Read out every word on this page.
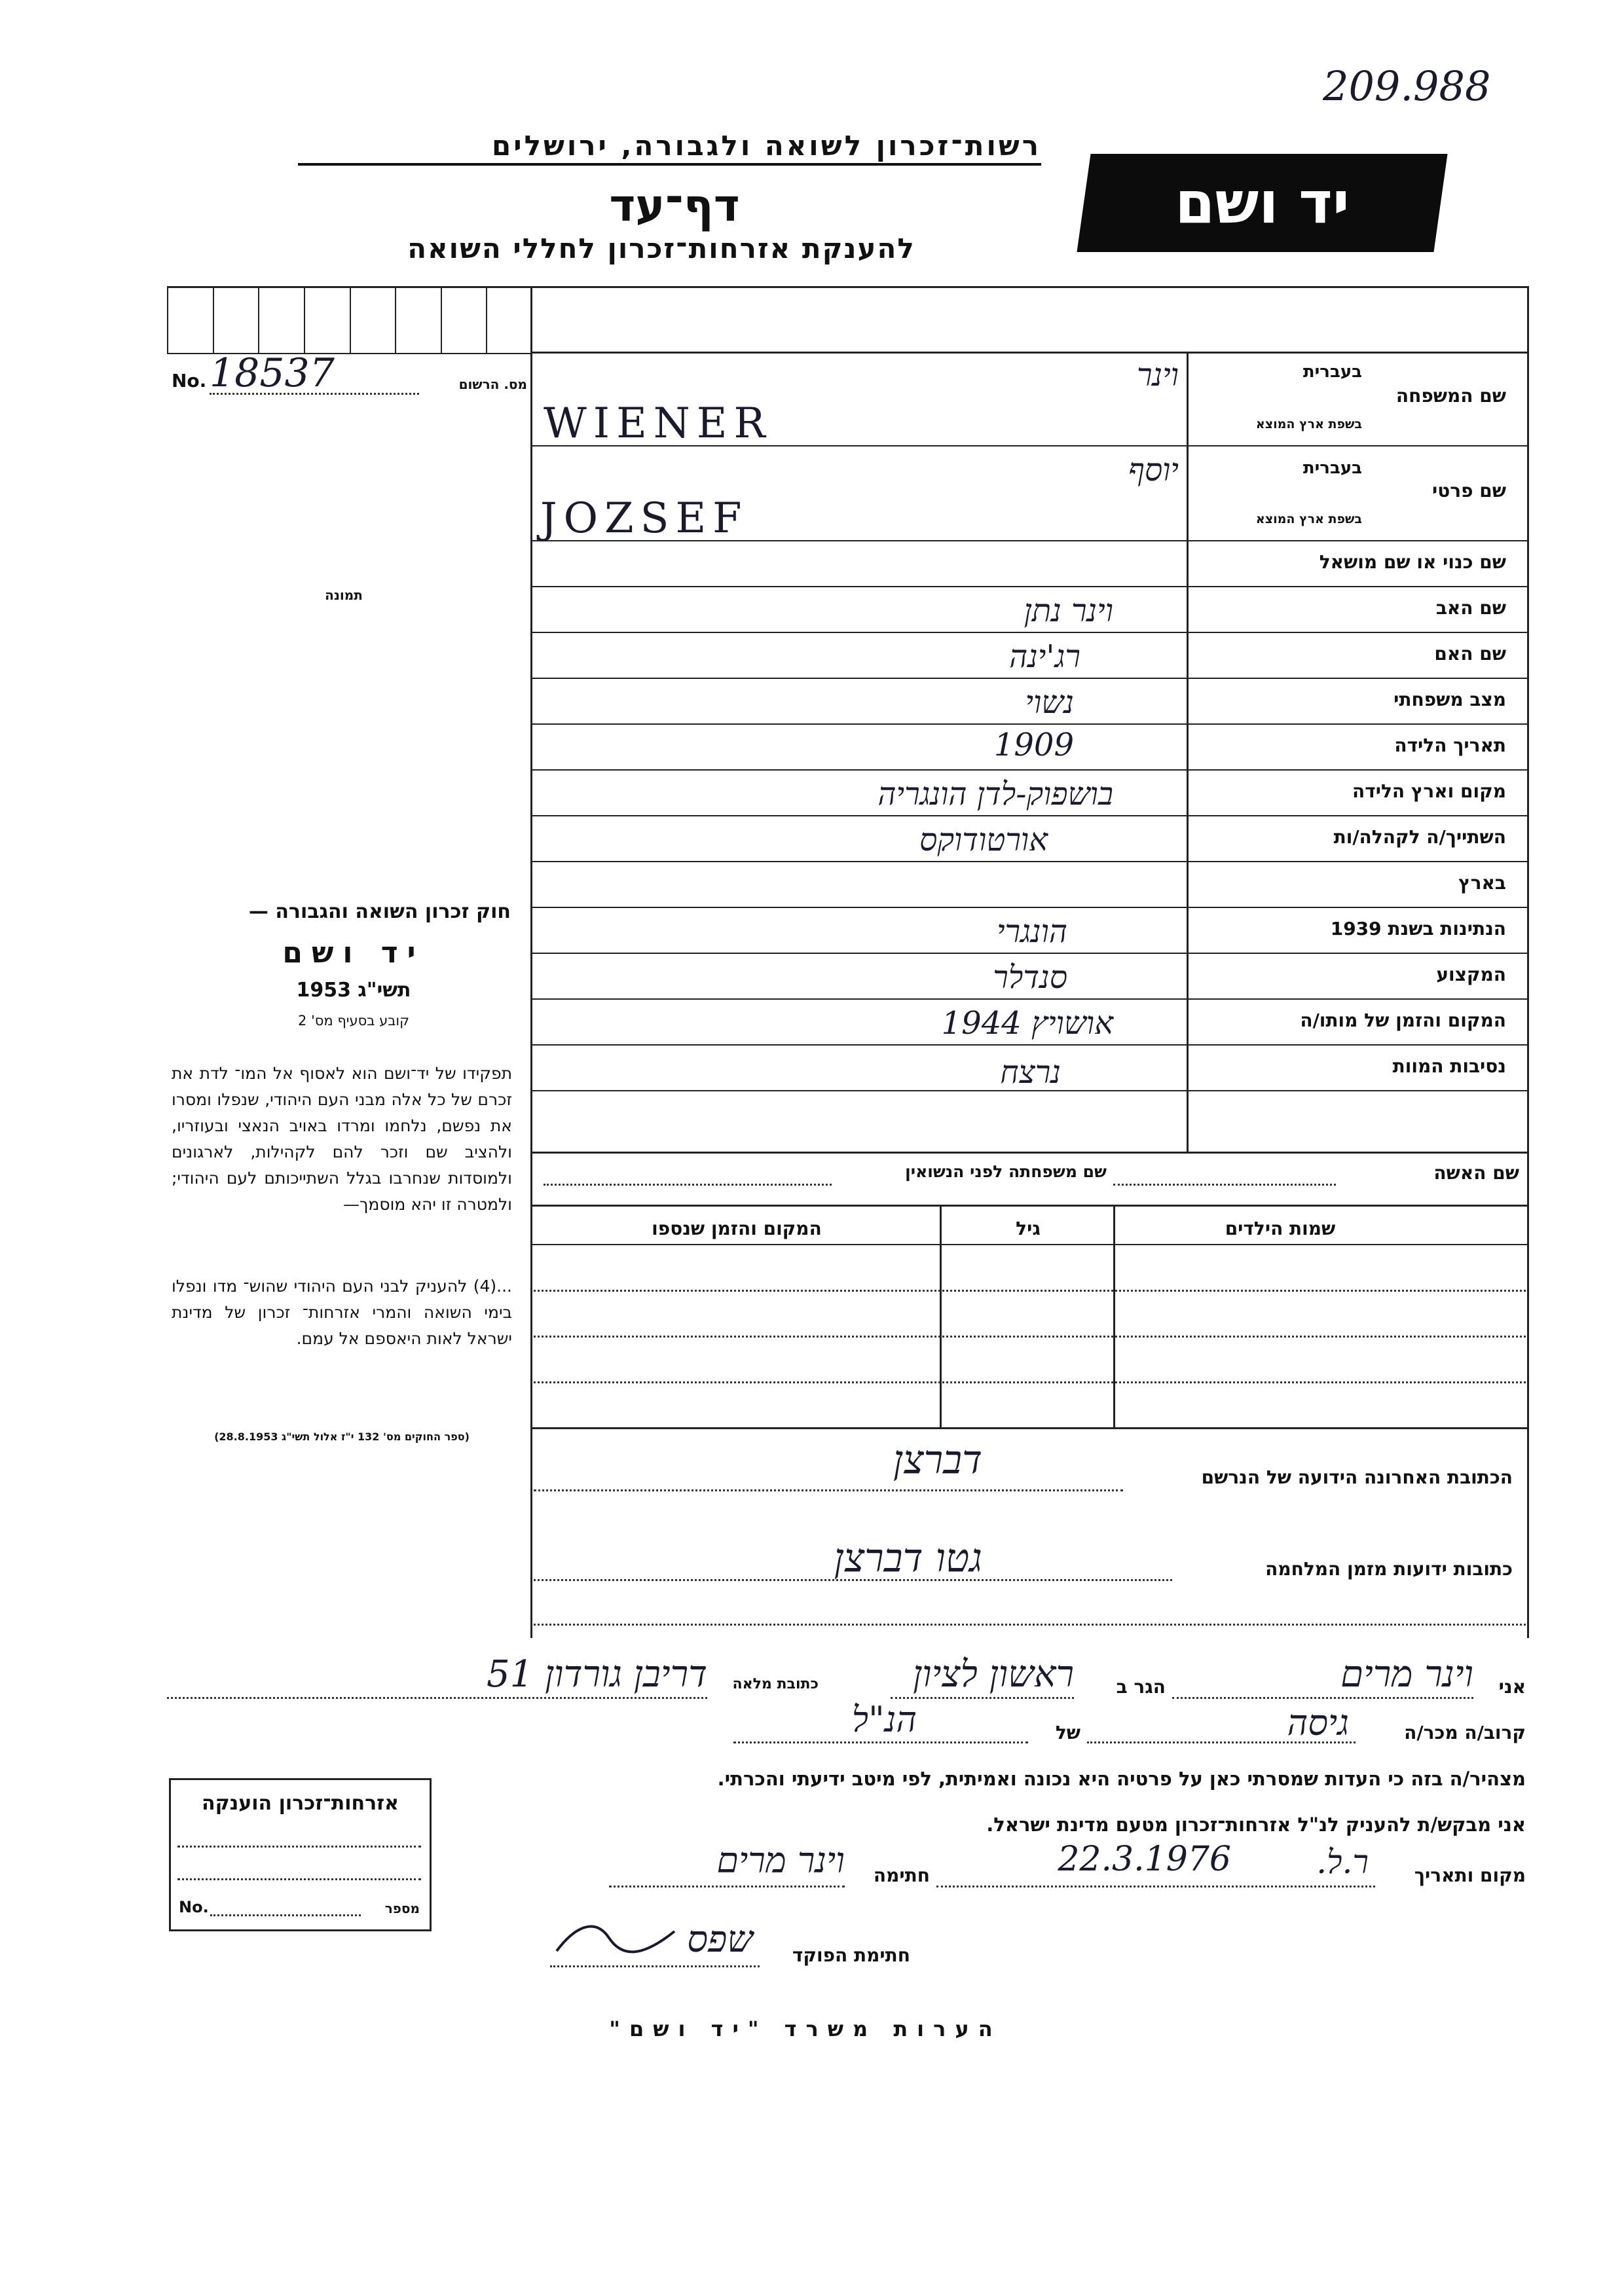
209.988
רשות־זכרון לשואה ולגבורה, ירושלים
דף־עד
להענקת אזרחות־זכרון לחללי השואה
יד ושם
No. 18537	מס. הרשום
תמונה
שם המשפחה
בעברית
בשפת ארץ המוצא
וינר
WIENER
שם פרטי
בעברית
בשפת ארץ המוצא
יוסף
JOZSEF
שם כנוי או שם מושאל
שם האב
וינר נתן
שם האם
רג'ינה
מצב משפחתי
נשוי
תאריך הלידה
1909
מקום וארץ הלידה
בושפוק-לדן הונגריה
השתייך/ה לקהלה/ות
אורטודוקס
בארץ
הנתינות בשנת 1939
הונגרי
המקצוע
סנדלר
המקום והזמן של מותו/ה
אושויץ 1944
נסיבות המוות
נרצח
שם האשה
שם משפחתה לפני הנשואין
שמות הילדים
גיל
המקום והזמן שנספו
הכתובת האחרונה הידועה של הנרשם
דברצן
כתובות ידועות מזמן המלחמה
גטו דברצן
חוק זכרון השואה והגבורה —
יד ושם
תשי"ג 1953
קובע בסעיף מס' 2
תפקידו של יד־ושם הוא לאסוף אל המו־ לדת את זכרם של כל אלה מבני העם היהודי, שנפלו ומסרו את נפשם, נלחמו ומרדו באויב הנאצי ובעוזריו, ולהציב שם וזכר להם לקהילות, לארגונים ולמוסדות שנחרבו בגלל השתייכותם לעם היהודי; ולמטרה זו יהא מוסמך—
...(4) להעניק לבני העם היהודי שהוש־ מדו ונפלו בימי השואה והמרי אזרחות־ זכרון של מדינת ישראל לאות היאספם אל עמם.
(ספר החוקים מס' 132 י"ז אלול תשי"ג 28.8.1953)
אני
וינר מרים
הגר ב
ראשון לציון
כתובת מלאה
דריבן גורדון 51
קרוב/ה מכר/ה
גיסה
של
הנ"ל
מצהיר/ה בזה כי העדות שמסרתי כאן על פרטיה היא נכונה ואמיתית, לפי מיטב ידיעתי והכרתי.
אני מבקש/ת להעניק לנ"ל אזרחות־זכרון מטעם מדינת ישראל.
מקום ותאריך
ר.ל.
22.3.1976
חתימה
וינר מרים
חתימת הפוקד
שפס
אזרחות־זכרון הוענקה
No.	מספר
הערות משרד "יד ושם"
